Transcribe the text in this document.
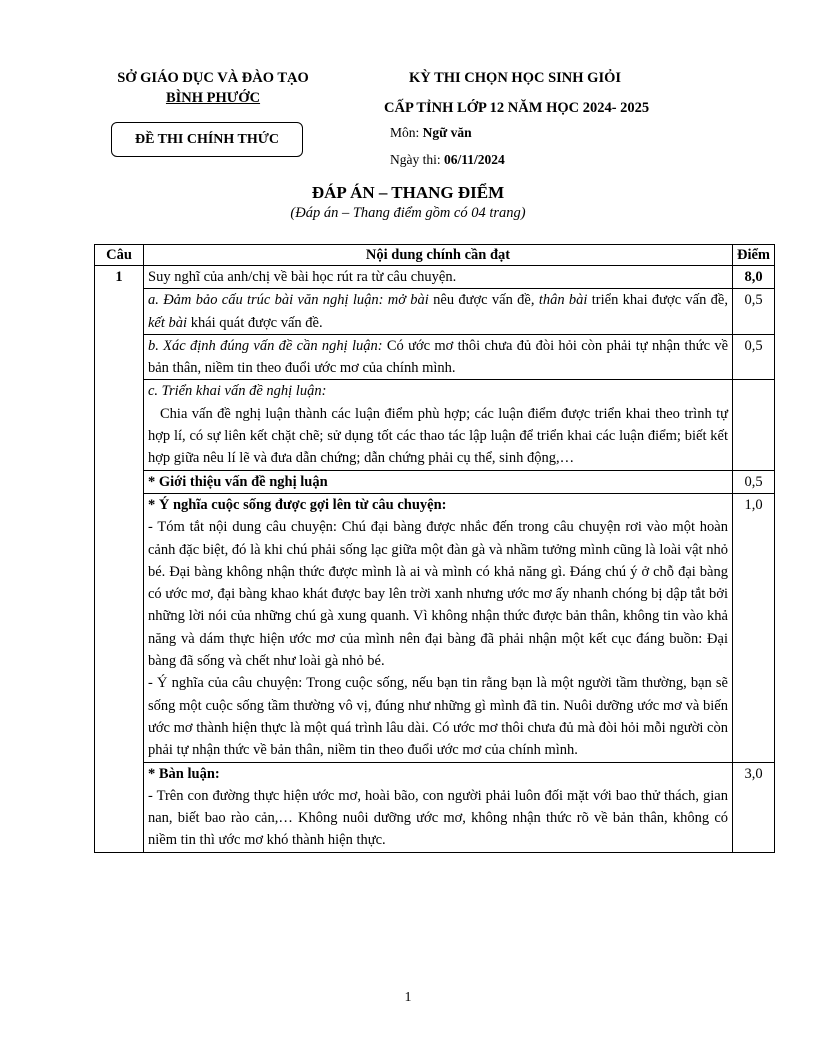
SỞ GIÁO DỤC VÀ ĐÀO TẠO
BÌNH PHƯỚC
ĐỀ THI CHÍNH THỨC
KỲ THI CHỌN HỌC SINH GIỎI
CẤP TỈNH LỚP 12 NĂM HỌC 2024- 2025
Môn: Ngữ văn
Ngày thi: 06/11/2024
ĐÁP ÁN – THANG ĐIỂM
(Đáp án – Thang điểm gồm có 04 trang)
Câu	Nội dung chính cần đạt	Điểm
1	Suy nghĩ của anh/chị về bài học rút ra từ câu chuyện.	8,0
	a. Đảm bảo cấu trúc bài văn nghị luận: mở bài nêu được vấn đề, thân bài triển khai được vấn đề, kết bài khái quát được vấn đề.	0,5
	b. Xác định đúng vấn đề cần nghị luận: Có ước mơ thôi chưa đủ đòi hỏi còn phải tự nhận thức về bản thân, niềm tin theo đuổi ước mơ của chính mình.	0,5

	c. Triển khai vấn đề nghị luận:
Chia vấn đề nghị luận thành các luận điểm phù hợp; các luận điểm được triển khai theo trình tự hợp lí, có sự liên kết chặt chẽ; sử dụng tốt các thao tác lập luận để triển khai các luận điểm; biết kết hợp giữa nêu lí lẽ và đưa dẫn chứng; dẫn chứng phải cụ thể, sinh động,…	

	* Giới thiệu vấn đề nghị luận	0,5

	* Ý nghĩa cuộc sống được gợi lên từ câu chuyện:
- Tóm tắt nội dung câu chuyện: Chú đại bàng được nhắc đến trong câu chuyện rơi vào một hoàn cảnh đặc biệt, đó là khi chú phải sống lạc giữa một đàn gà và nhầm tưởng mình cũng là loài vật nhỏ bé. Đại bàng không nhận thức được mình là ai và mình có khả năng gì. Đáng chú ý ở chỗ đại bàng có ước mơ, đại bàng khao khát được bay lên trời xanh nhưng ước mơ ấy nhanh chóng bị dập tắt bởi những lời nói của những chú gà xung quanh. Vì không nhận thức được bản thân, không tin vào khả năng và dám thực hiện ước mơ của mình nên đại bàng đã phải nhận một kết cục đáng buồn: Đại bàng đã sống và chết như loài gà nhỏ bé.
- Ý nghĩa của câu chuyện: Trong cuộc sống, nếu bạn tin rằng bạn là một người tầm thường, bạn sẽ sống một cuộc sống tầm thường vô vị, đúng như những gì mình đã tin. Nuôi dưỡng ước mơ và biến ước mơ thành hiện thực là một quá trình lâu dài. Có ước mơ thôi chưa đủ mà đòi hỏi mỗi người còn phải tự nhận thức về bản thân, niềm tin theo đuổi ước mơ của chính mình.	1,0

	* Bàn luận:
- Trên con đường thực hiện ước mơ, hoài bão, con người phải luôn đối mặt với bao thử thách, gian nan, biết bao rào cản,… Không nuôi dưỡng ước mơ, không nhận thức rõ về bản thân, không có niềm tin thì ước mơ khó thành hiện thực.	3,0
1
